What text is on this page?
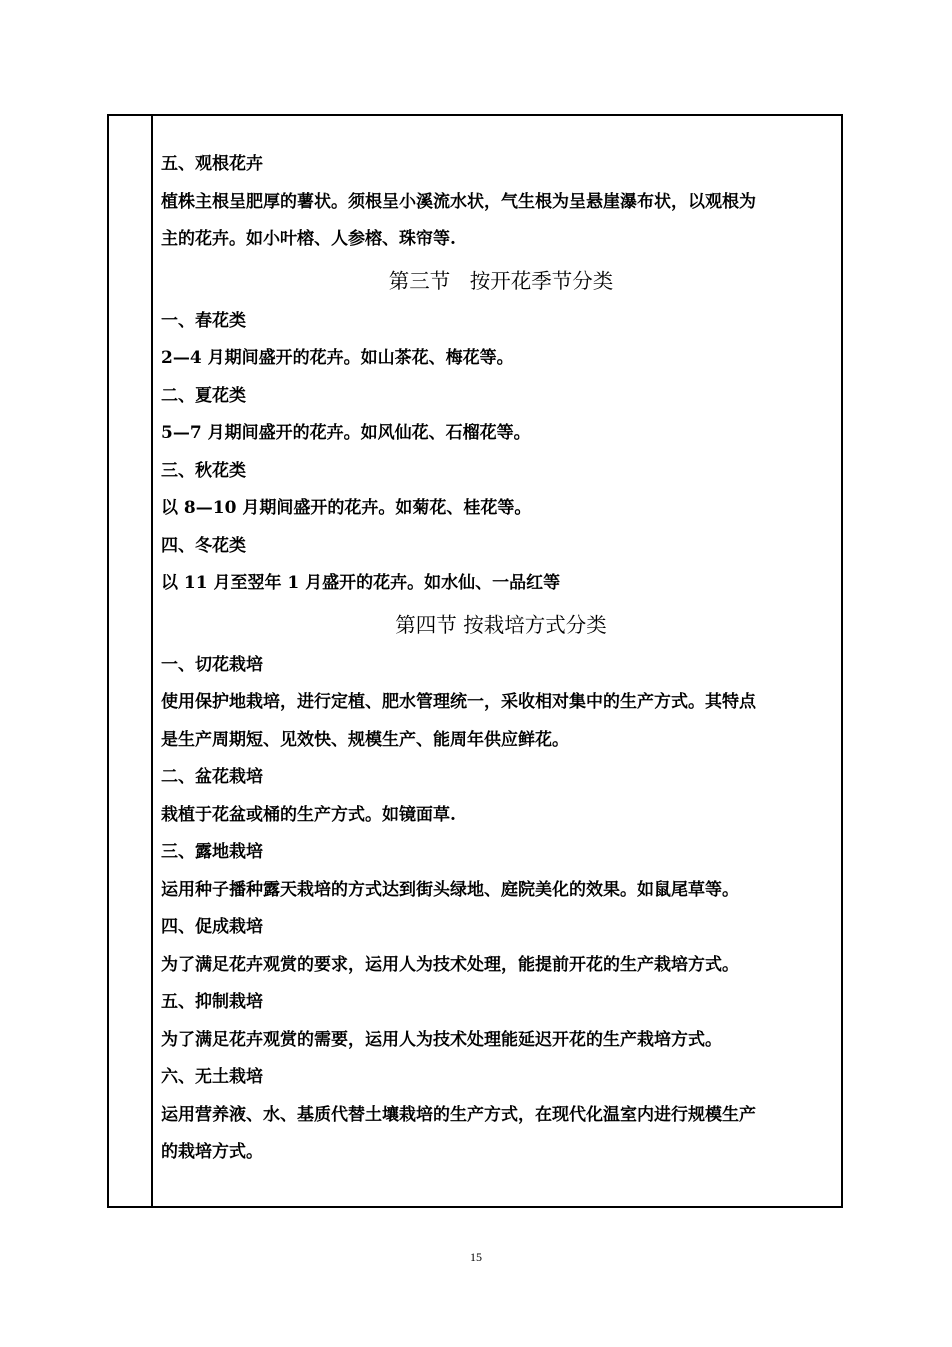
五、观根花卉
植株主根呈肥厚的薯状。须根呈小溪流水状，气生根为呈悬崖瀑布状，以观根为
主的花卉。如小叶榕、人参榕、珠帘等.
第三节   按开花季节分类
一、春花类
2—4 月期间盛开的花卉。如山茶花、梅花等。
二、夏花类
5—7 月期间盛开的花卉。如风仙花、石榴花等。
三、秋花类
以 8—10 月期间盛开的花卉。如菊花、桂花等。
四、冬花类
以 11 月至翌年 1 月盛开的花卉。如水仙、一品红等
第四节 按栽培方式分类
一、切花栽培
使用保护地栽培，进行定植、肥水管理统一，采收相对集中的生产方式。其特点
是生产周期短、见效快、规模生产、能周年供应鲜花。
二、盆花栽培
栽植于花盆或桶的生产方式。如镜面草.
三、露地栽培
运用种子播种露天栽培的方式达到街头绿地、庭院美化的效果。如鼠尾草等。
四、促成栽培
为了满足花卉观赏的要求，运用人为技术处理，能提前开花的生产栽培方式。
五、抑制栽培
为了满足花卉观赏的需要，运用人为技术处理能延迟开花的生产栽培方式。
六、无土栽培
运用营养液、水、基质代替土壤栽培的生产方式，在现代化温室内进行规模生产
的栽培方式。
15
